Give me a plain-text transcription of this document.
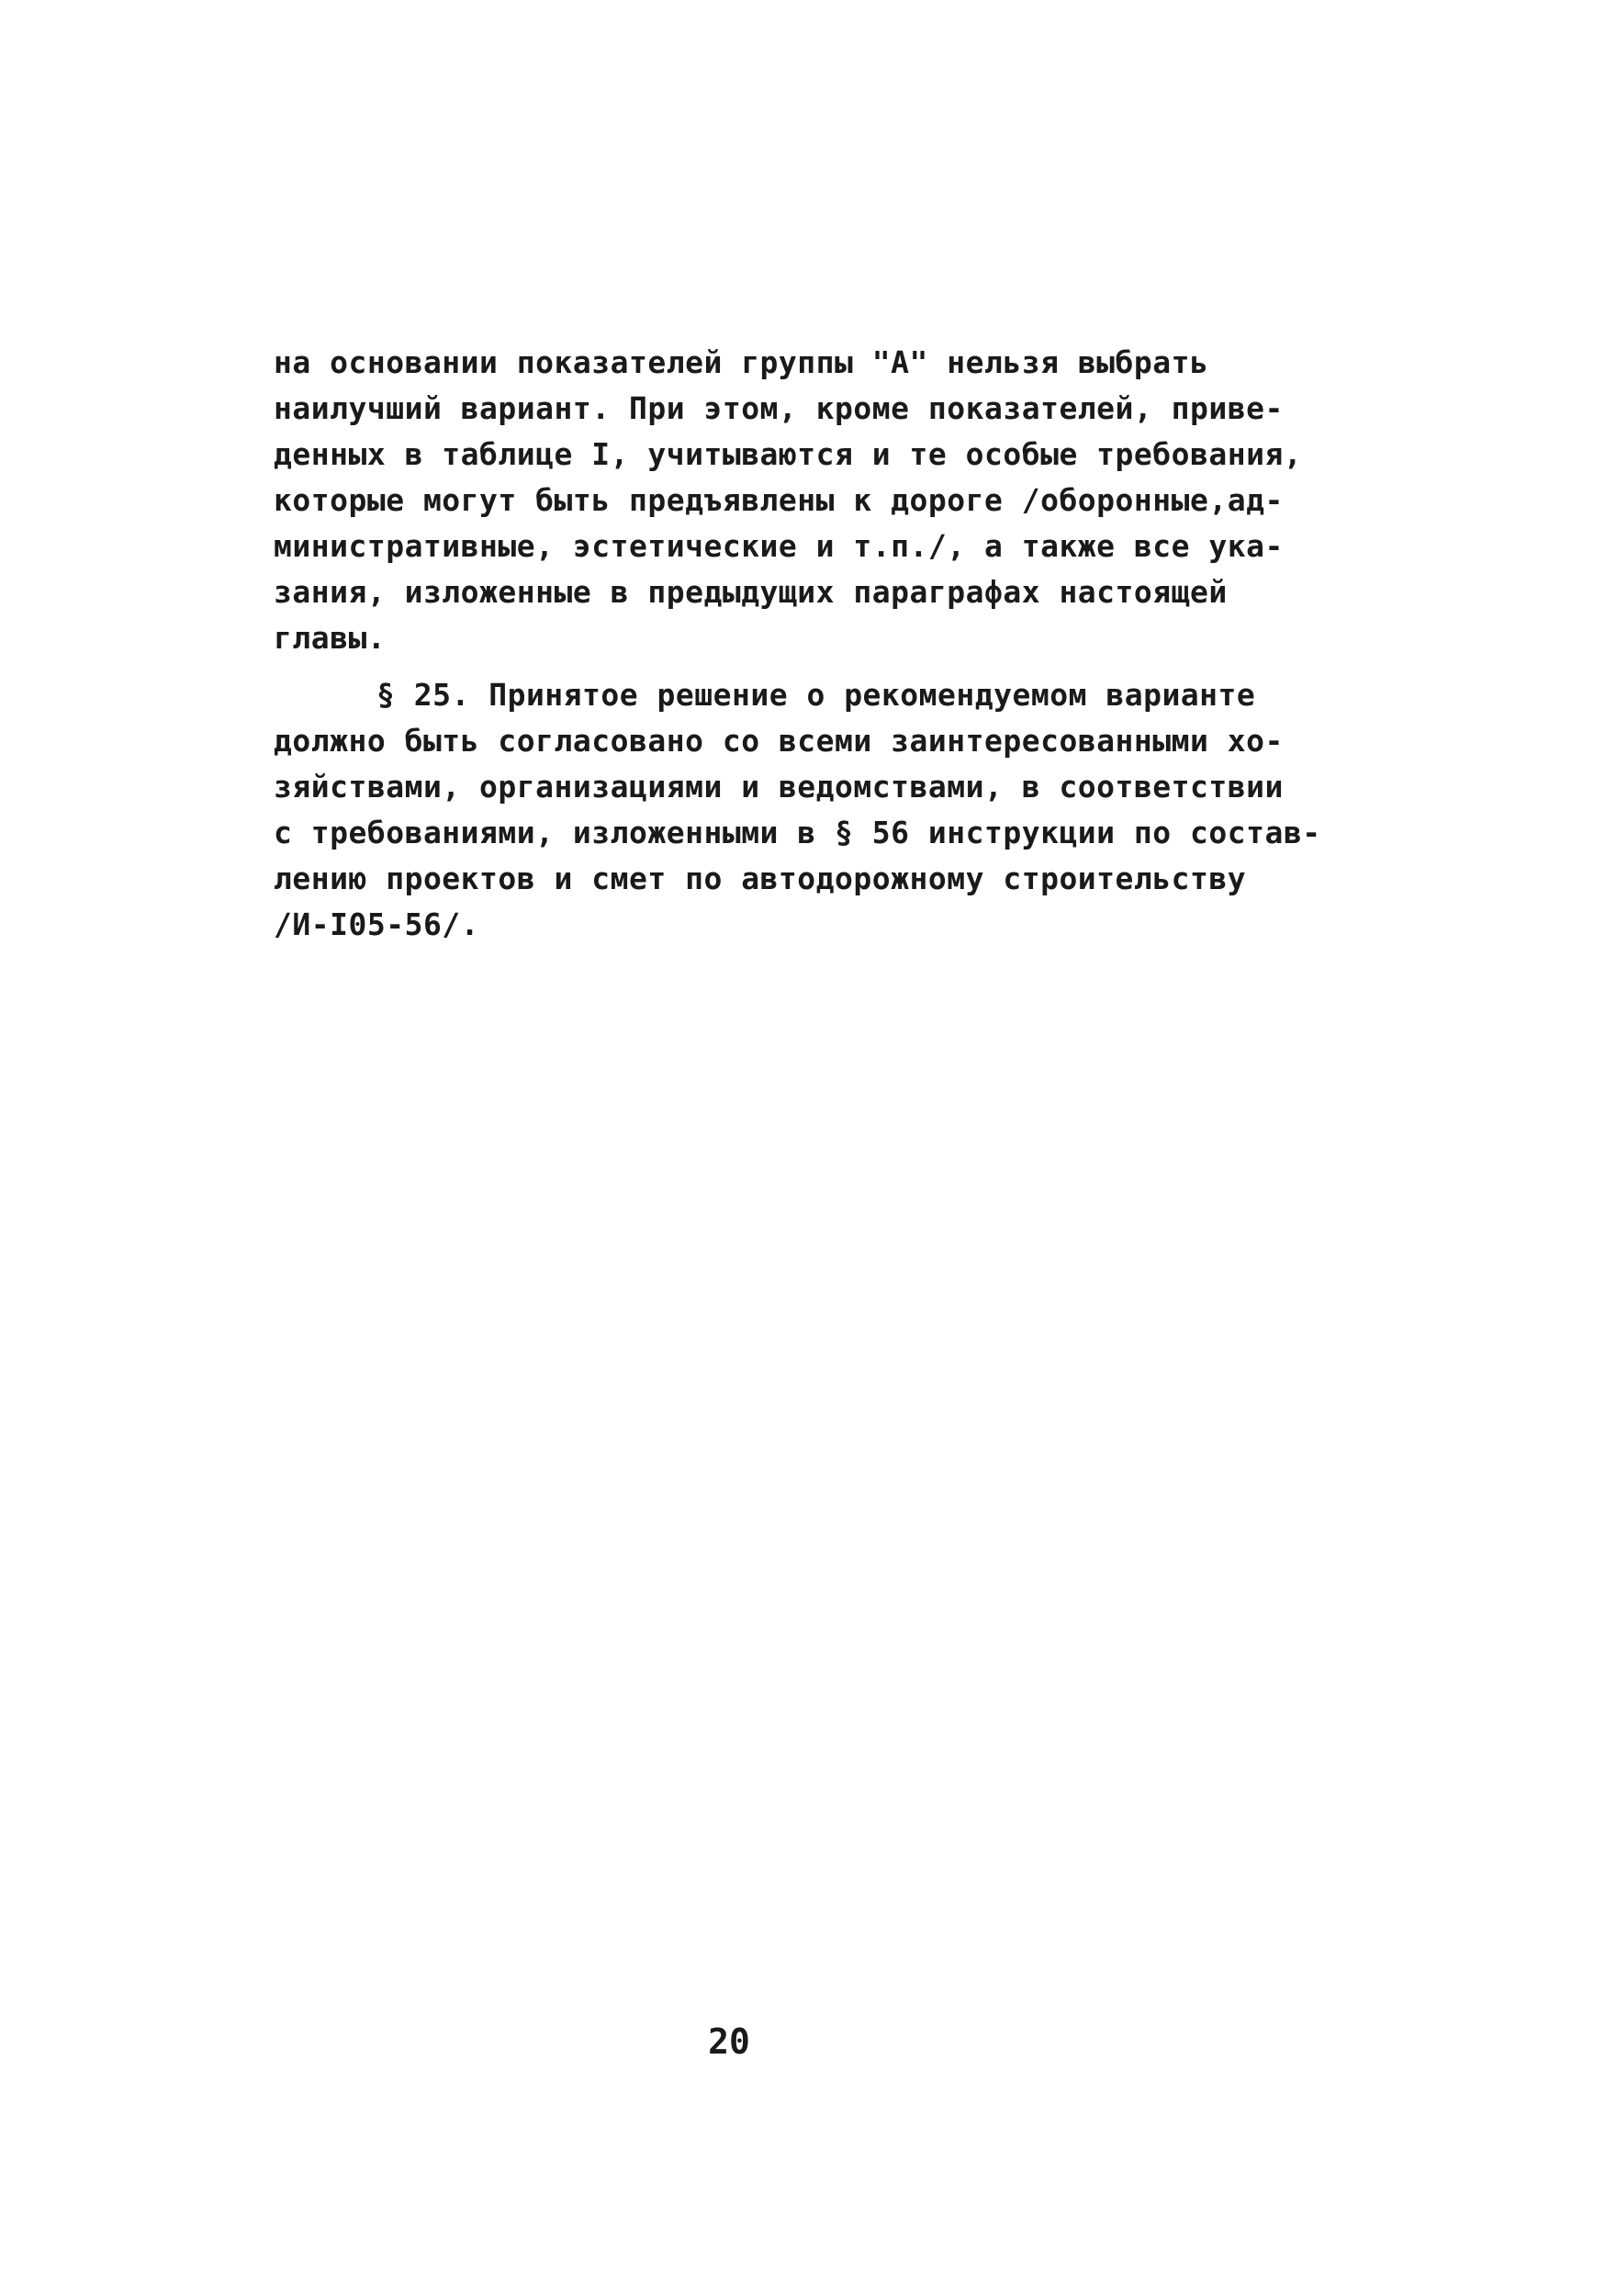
на основании показателей группы "А" нельзя выбрать
наилучший вариант. При этом, кроме показателей, приве-
денных в таблице I, учитываются и те особые требования,
которые могут быть предъявлены к дороге /оборонные,ад-
министративные, эстетические и т.п./, а также все ука-
зания, изложенные в предыдущих параграфах настоящей
главы.
§ 25. Принятое решение о рекомендуемом варианте
должно быть согласовано со всеми заинтересованными хо-
зяйствами, организациями и ведомствами, в соответствии
с требованиями, изложенными в § 56 инструкции по состав-
лению проектов и смет по автодорожному строительству
/И-I05-56/.
20
